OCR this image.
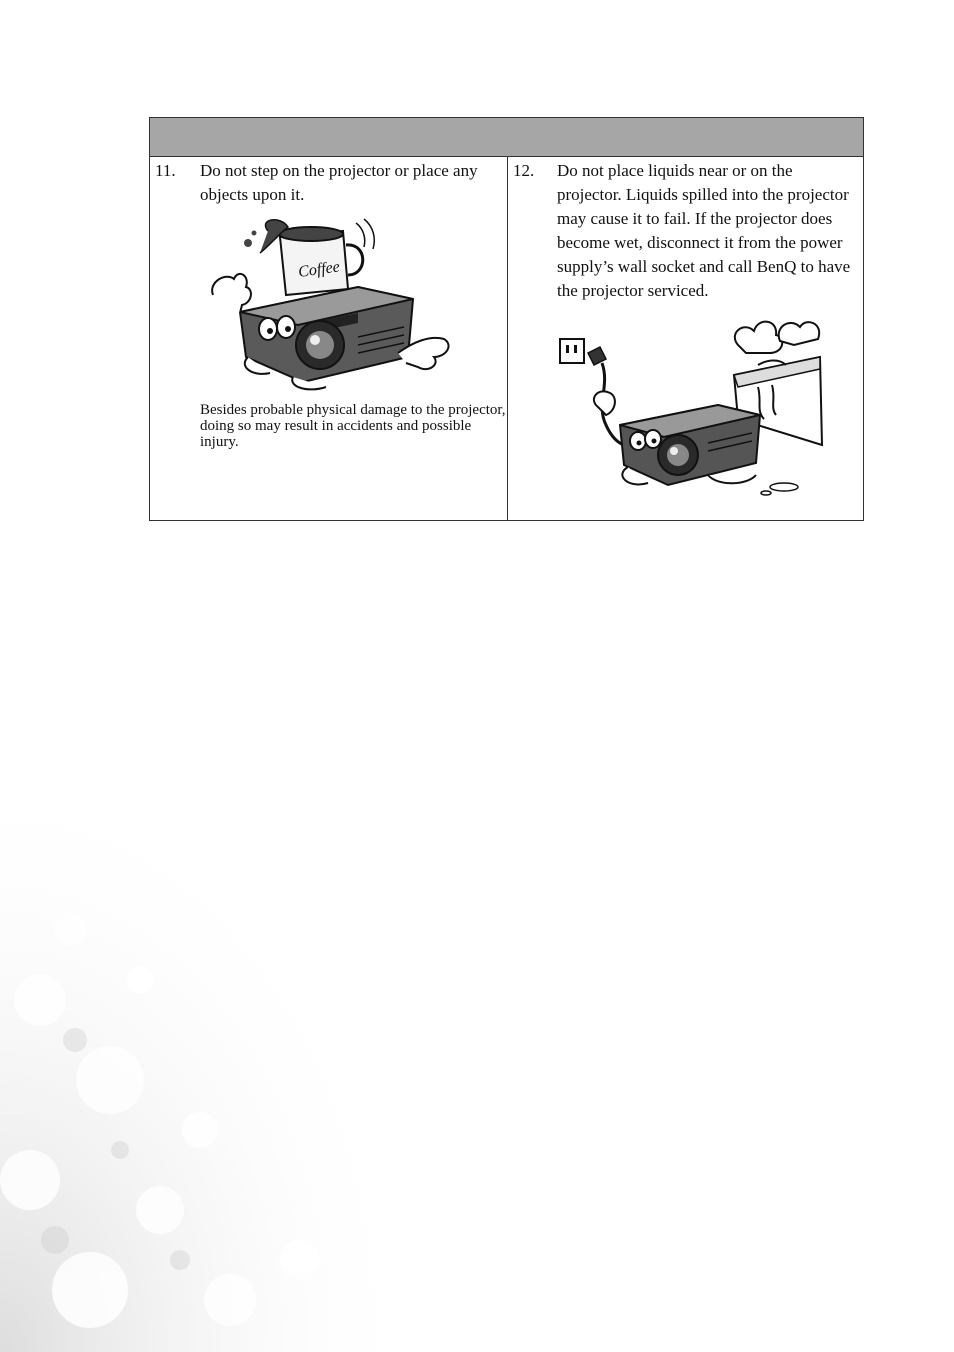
11. Do not step on the projector or place any objects upon it.
Coffee
Besides probable physical damage to the projector, doing so may result in accidents and possible injury.
12. Do not place liquids near or on the projector. Liquids spilled into the projector may cause it to fail. If the projector does become wet, disconnect it from the power supply’s wall socket and call BenQ to have the projector serviced.
